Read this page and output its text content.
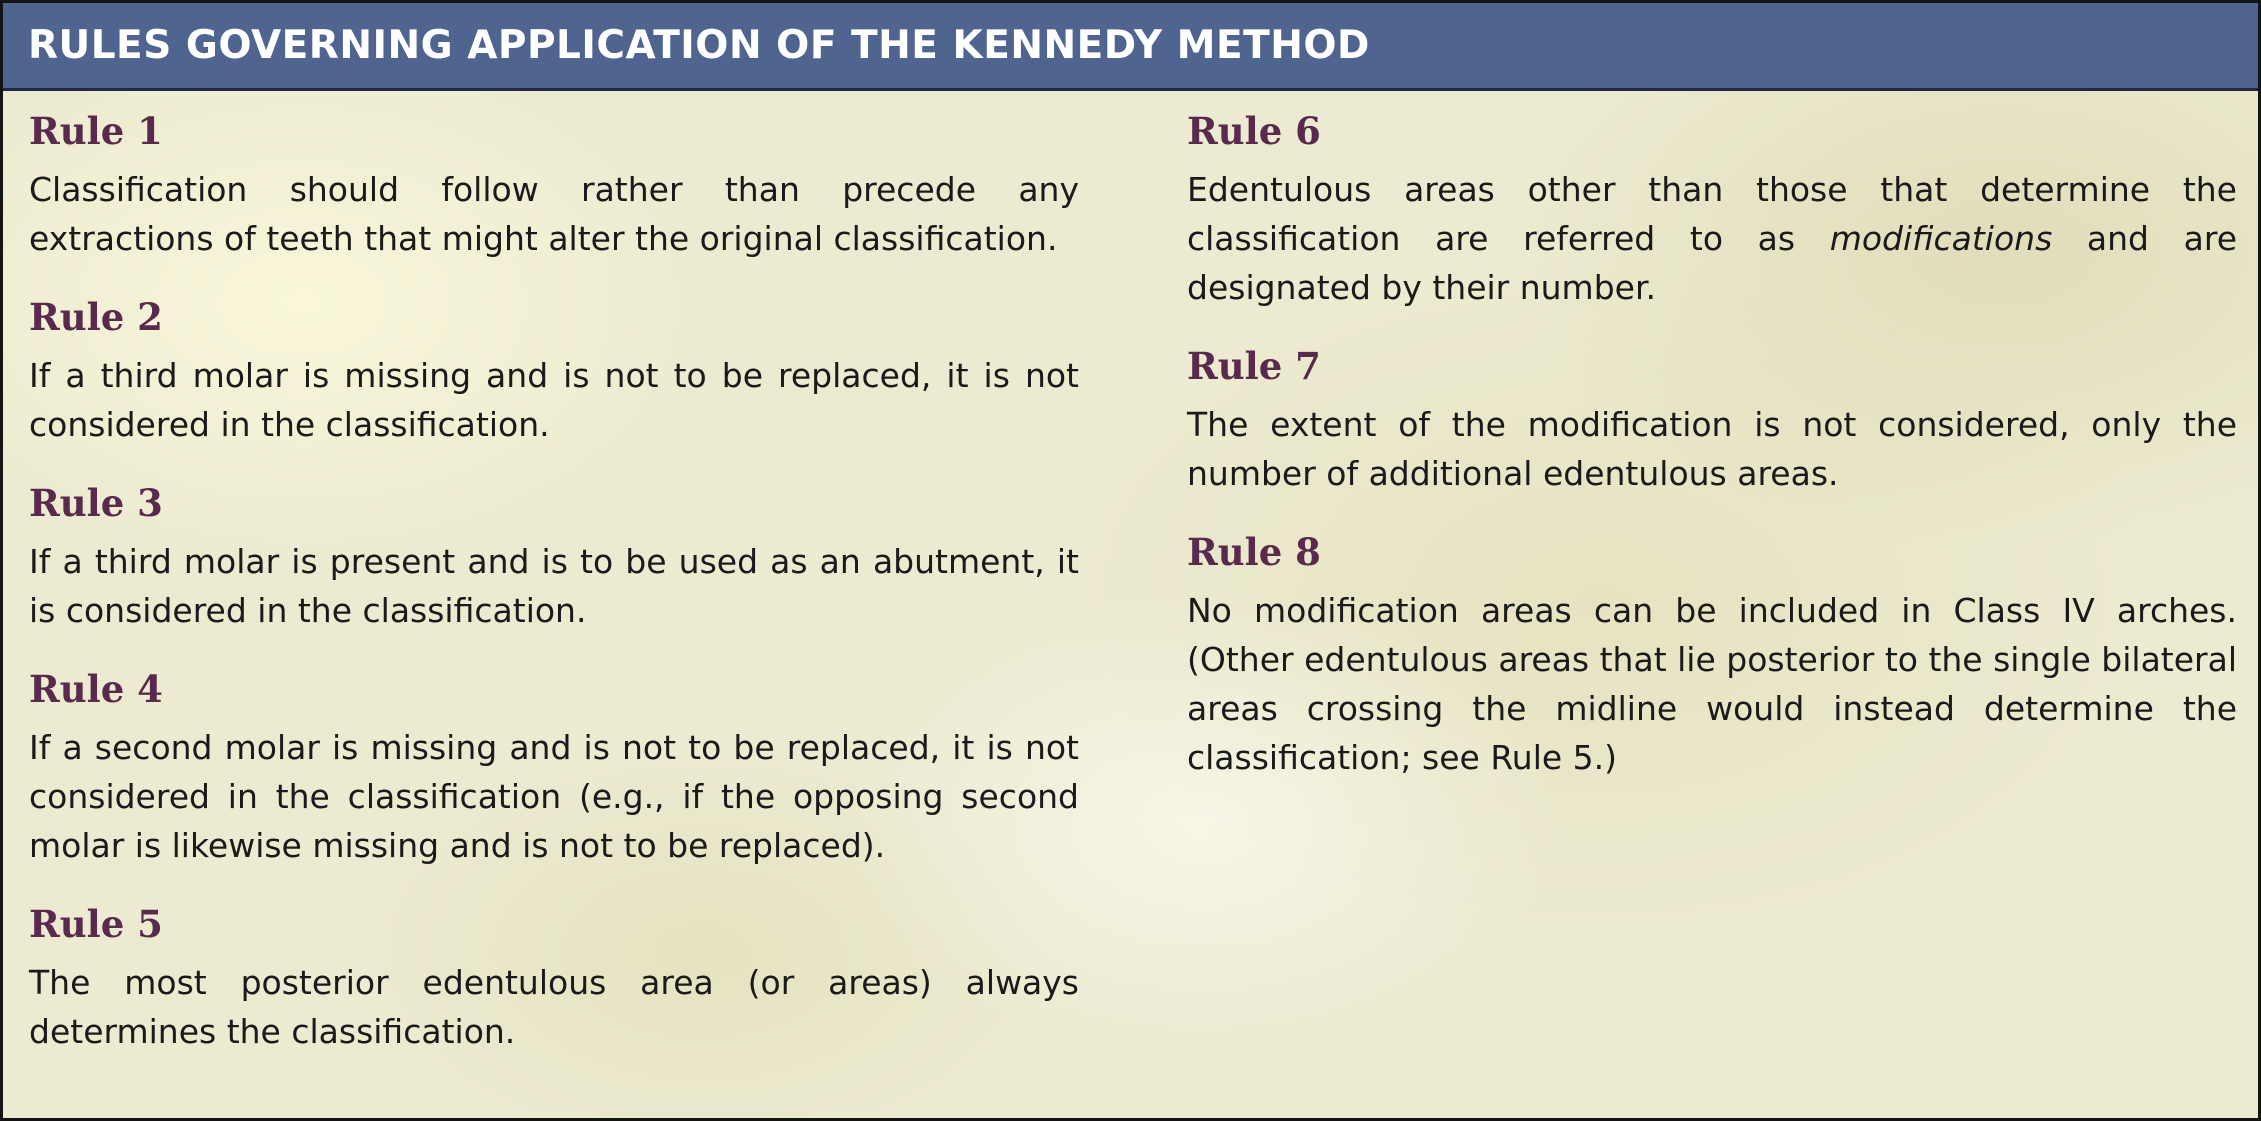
RULES GOVERNING APPLICATION OF THE KENNEDY METHOD
Rule 1

Classification should follow rather than precede any extractions of teeth that might alter the original classification.

Rule 2

If a third molar is missing and is not to be replaced, it is not considered in the classification.

Rule 3

If a third molar is present and is to be used as an abutment, it is considered in the classification.

Rule 4

If a second molar is missing and is not to be replaced, it is not considered in the classification (e.g., if the opposing second molar is likewise missing and is not to be replaced).

Rule 5

The most posterior edentulous area (or areas) always determines the classification.

Rule 6

Edentulous areas other than those that determine the classification are referred to as modifications and are designated by their number.

Rule 7

The extent of the modification is not considered, only the number of additional edentulous areas.

Rule 8

No modification areas can be included in Class IV arches. (Other edentulous areas that lie posterior to the single bilateral areas crossing the midline would instead determine the classification; see Rule 5.)
